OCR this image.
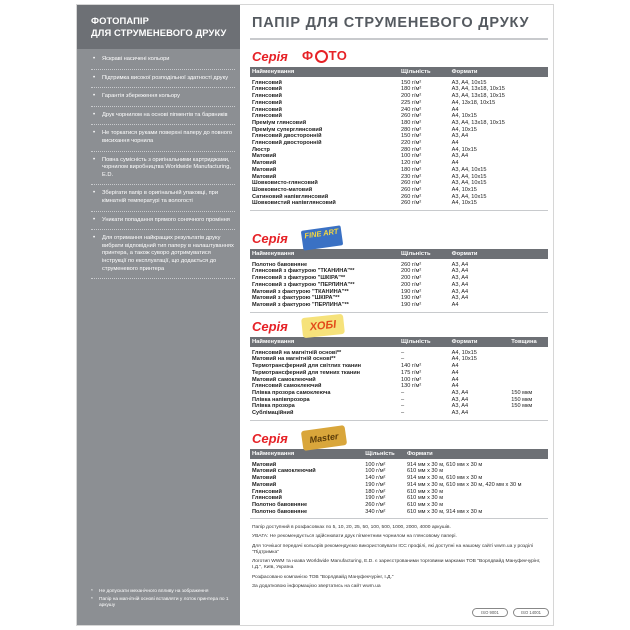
ФОТОПАПІР
ДЛЯ СТРУМЕНЕВОГО ДРУКУ
• Яскраві насичені кольори
• Підтримка високої розподільної здатності друку
• Гарантія збереження кольору
• Друк чорнилом на основі пігментів та барвників
• Не торкатися руками поверхні паперу до повного висихання чорнила
• Повна сумісність з оригінальними картриджами, чорнилом виробництва Worldwide Manufacturing, E.D.
• Зберігати папір в оригінальній упаковці, при кімнатній температурі та вологості
• Уникати попадання прямого сонячного проміння
• Для отримання найкращих результатів друку вибрати відповідний тип паперу в налаштуваннях принтера, а також суворо дотримуватися інструкції по експлуатації, що додається до струменевого принтера
* Не допускати механічного впливу на зображення
* Папір на магнітній основі вставляти у лоток принтера по 1 аркушу
ПАПІР ДЛЯ СТРУМЕНЕВОГО ДРУКУ
Серія Ф ТО
Найменування	Щільність	Формати
Глянсовий	150 г/м²	A3, A4, 10x15
Глянсовий	180 г/м²	A3, A4, 13x18, 10x15
Глянсовий	200 г/м²	A3, A4, 13x18, 10x15
Глянсовий	225 г/м²	A4, 13x18, 10x15
Глянсовий	240 г/м²	A4
Глянсовий	260 г/м²	A4, 10x15
Преміум глянсовий	180 г/м²	A3, A4, 13x18, 10x15
Преміум суперглянсовий	280 г/м²	A4, 10x15
Глянсовий двосторонній	150 г/м²	A3, A4
Глянсовий двосторонній	220 г/м²	A4
Люстр	280 г/м²	A4, 10x15
Матовий	100 г/м²	A3, A4
Матовий	120 г/м²	A4
Матовий	180 г/м²	A3, A4, 10x15
Матовий	230 г/м²	A3, A4, 10x15
Шовковисто-глянсовий	260 г/м²	A3, A4, 10x15
Шовковисто-матовий	260 г/м²	A4, 10x15
Сатиновий напівглянсовий	260 г/м²	A3, A4, 10x15
Шовковистий напівглянсовий	260 г/м²	A4, 10x15
Серія	FINE ART
Найменування	Щільність	Формати
Полотно бавовняне	260 г/м²	A3, A4
Глянсовий з фактурою "ТКАНИНА"**	200 г/м²	A3, A4
Глянсовий з фактурою "ШКІРА"**	200 г/м²	A3, A4
Глянсовий з фактурою "ПЕРЛИНА"**	200 г/м²	A3, A4
Матовий з фактурою "ТКАНИНА"**	190 г/м²	A3, A4
Матовий з фактурою "ШКІРА"**	190 г/м²	A3, A4
Матовий з фактурою "ПЕРЛИНА"**	190 г/м²	A4
Серія	ХОБІ
Найменування	Щільність	Формати	Товщина
Глянсовий на магнітній основі**	–	A4, 10x15	
Матовий на магнітній основі**	–	A4, 10x15	
Термотрансферний для світлих тканин	140 г/м²	A4	
Термотрансферний для темних тканин	175 г/м²	A4	
Матовий самоклеючий	100 г/м²	A4	
Глянсовий самоклеючий	130 г/м²	A4	
Плівка прозора самоклеюча	–	A3, A4	150 мкм
Плівка напівпрозора	–	A3, A4	150 мкм
Плівка прозора	–	A3, A4	150 мкм
Сублімаційний	–	A3, A4	
Серія	Master
Найменування	Щільність	Формати
Матовий	100 г/м²	914 мм x 30 м, 610 мм x 30 м
Матовий самоклеючий	100 г/м²	610 мм x 30 м
Матовий	140 г/м²	914 мм x 30 м, 610 мм x 30 м
Матовий	190 г/м²	914 мм x 30 м, 610 мм x 30 м, 420 мм x 30 м
Глянсовий	180 г/м²	610 мм x 30 м
Глянсовий	190 г/м²	610 мм x 30 м
Полотно бавовняне	260 г/м²	610 мм x 30 м
Полотно бавовняне	340 г/м²	610 мм x 30 м, 914 мм x 30 м
Папір доступний в розфасовках по 5, 10, 20, 25, 50, 100, 500, 1000, 2000, 4000 аркушів.
УВАГА: Не рекомендується здійснювати друк пігментним чорнилом на глянсовому папері.
Для точнішої передачі кольорів рекомендуємо використовувати ICC профілі, які доступні на нашому сайті wwm.ua у розділі "Підтримка"
Логотип WWM та назва Worldwide Manufacturing, E.D. є зареєстрованими торговими марками ТОВ "Ворлдвайд Мануфекчурінг, І.Д.", Київ, Україна
Розфасовано компанією ТОВ "Ворлдвайд Мануфекчурінг, І.Д."
За додатковою інформацією звертатись на сайт wwm.ua
ISO 9001	ISO 14001
